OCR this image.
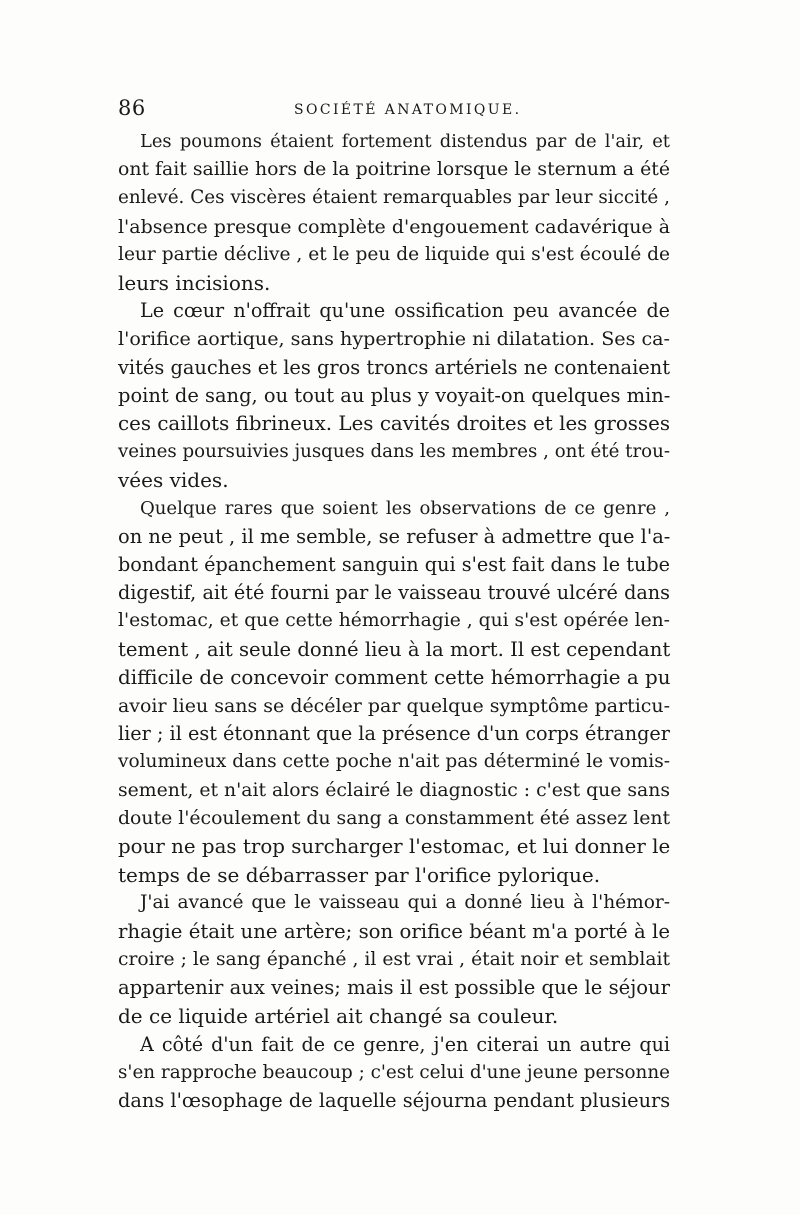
86	SOCIÉTÉ ANATOMIQUE.

Les poumons étaient fortement distendus par de l'air, et
ont fait saillie hors de la poitrine lorsque le sternum a été
enlevé. Ces viscères étaient remarquables par leur siccité ,
l'absence presque complète d'engouement cadavérique à
leur partie déclive , et le peu de liquide qui s'est écoulé de
leurs incisions.

Le cœur n'offrait qu'une ossification peu avancée de
l'orifice aortique, sans hypertrophie ni dilatation. Ses ca-
vités gauches et les gros troncs artériels ne contenaient
point de sang, ou tout au plus y voyait-on quelques min-
ces caillots fibrineux. Les cavités droites et les grosses
veines poursuivies jusques dans les membres , ont été trou-
vées vides.

Quelque rares que soient les observations de ce genre ,
on ne peut , il me semble, se refuser à admettre que l'a-
bondant épanchement sanguin qui s'est fait dans le tube
digestif, ait été fourni par le vaisseau trouvé ulcéré dans
l'estomac, et que cette hémorrhagie , qui s'est opérée len-
tement , ait seule donné lieu à la mort. Il est cependant
difficile de concevoir comment cette hémorrhagie a pu
avoir lieu sans se décéler par quelque symptôme particu-
lier ; il est étonnant que la présence d'un corps étranger
volumineux dans cette poche n'ait pas déterminé le vomis-
sement, et n'ait alors éclairé le diagnostic : c'est que sans
doute l'écoulement du sang a constamment été assez lent
pour ne pas trop surcharger l'estomac, et lui donner le
temps de se débarrasser par l'orifice pylorique.

J'ai avancé que le vaisseau qui a donné lieu à l'hémor-
rhagie était une artère; son orifice béant m'a porté à le
croire ; le sang épanché , il est vrai , était noir et semblait
appartenir aux veines; mais il est possible que le séjour
de ce liquide artériel ait changé sa couleur.

A côté d'un fait de ce genre, j'en citerai un autre qui
s'en rapproche beaucoup ; c'est celui d'une jeune personne
dans l'œsophage de laquelle séjourna pendant plusieurs
